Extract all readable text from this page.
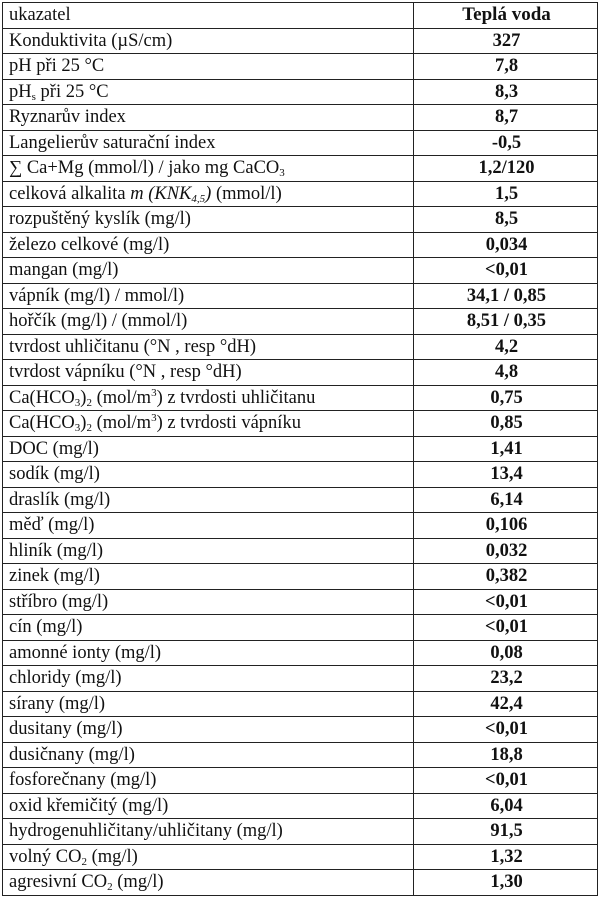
ukazatel	Teplá voda
Konduktivita (µS/cm)	327
pH při 25 °C	7,8
$pH_s$ při 25 °C	8,3
Ryznarův index	8,7
Langelierův saturační index	-0,5
∑ Ca+Mg (mmol/l) / jako mg CaCO$_3$	1,2/120
celková alkalita m $(KNK_{4,5})$ (mmol/l)	1,5
rozpuštěný kyslík (mg/l)	8,5
železo celkové (mg/l)	0,034
mangan (mg/l)	<0,01
vápník (mg/l) / mmol/l)	34,1 / 0,85
hořčík (mg/l) / (mmol/l)	8,51 / 0,35
tvrdost uhličitanu (°N , resp °dH)	4,2
tvrdost vápníku (°N , resp °dH)	4,8
$Ca(HCO_3)_2$ $(mol/m^3)$ z tvrdosti uhličitanu	0,75
$Ca(HCO_3)_2$ $(mol/m^3)$ z tvrdosti vápníku	0,85
DOC (mg/l)	1,41
sodík (mg/l)	13,4
draslík (mg/l)	6,14
měď (mg/l)	0,106
hliník (mg/l)	0,032
zinek (mg/l)	0,382
stříbro (mg/l)	<0,01
cín (mg/l)	<0,01
amonné ionty (mg/l)	0,08
chloridy (mg/l)	23,2
sírany (mg/l)	42,4
dusitany (mg/l)	<0,01
dusičnany (mg/l)	18,8
fosforečnany (mg/l)	<0,01
oxid křemičitý (mg/l)	6,04
hydrogenuhličitany/uhličitany (mg/l)	91,5
volný $CO_2$ (mg/l)	1,32
agresivní $CO_2$ (mg/l)	1,30
